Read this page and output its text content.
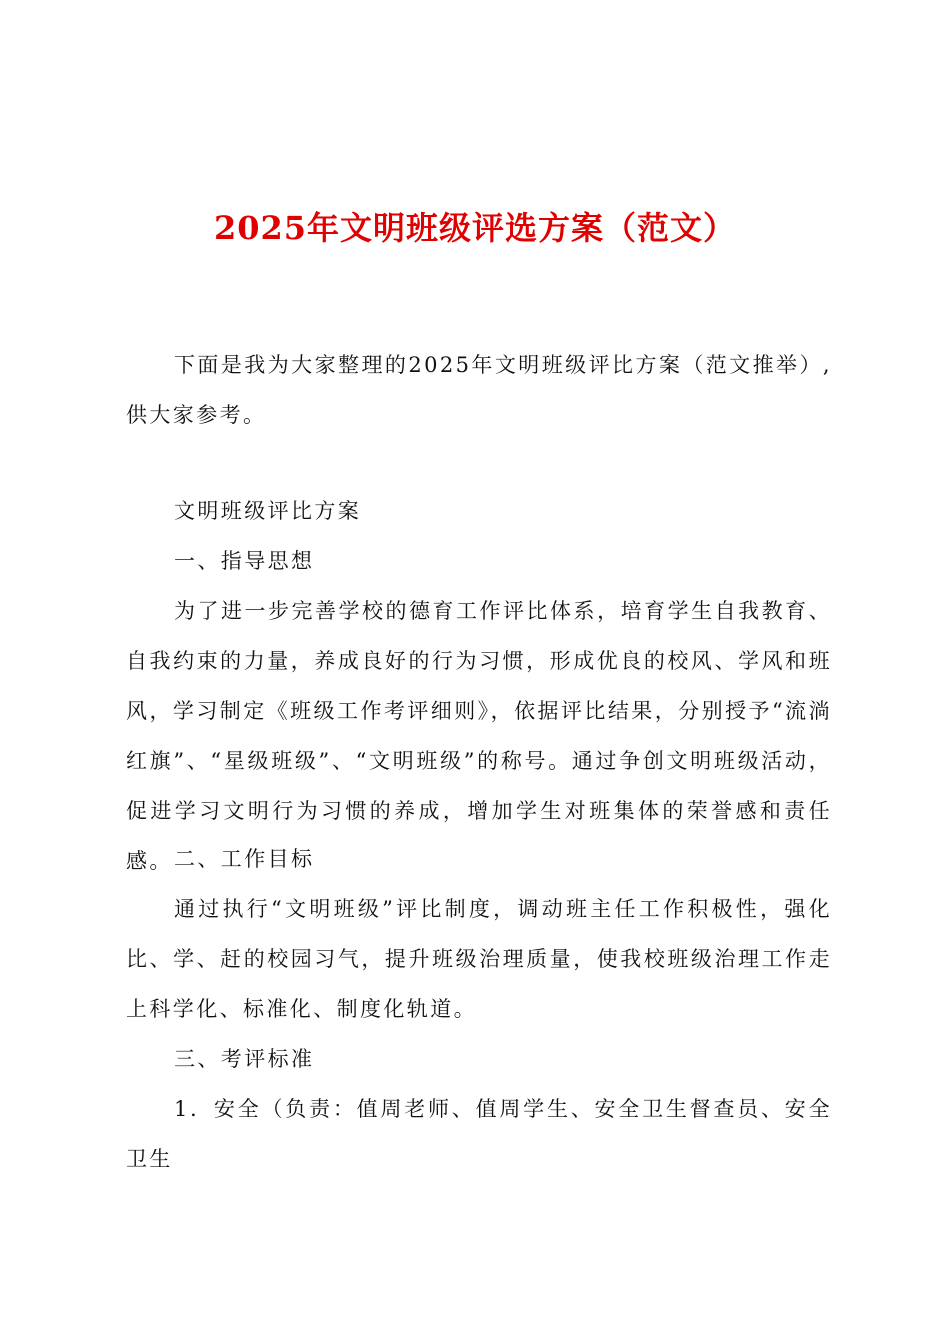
2025年文明班级评选方案（范文）

下面是我为大家整理的2025年文明班级评比方案（范文推举）,供大家参考。

文明班级评比方案

一、指导思想

为了进一步完善学校的德育工作评比体系，培育学生自我教育、自我约束的力量，养成良好的行为习惯，形成优良的校风、学风和班风，学习制定《班级工作考评细则》，依据评比结果，分别授予“流淌红旗”、“星级班级”、“文明班级”的称号。通过争创文明班级活动，促进学习文明行为习惯的养成，增加学生对班集体的荣誉感和责任感。 二、工作目标

通过执行“文明班级”评比制度，调动班主任工作积极性，强化比、学、赶的校园习气，提升班级治理质量，使我校班级治理工作走上科学化、标准化、制度化轨道。

三、考评标准

1．安全（负责：值周老师、值周学生、安全卫生督查员、安全卫生
